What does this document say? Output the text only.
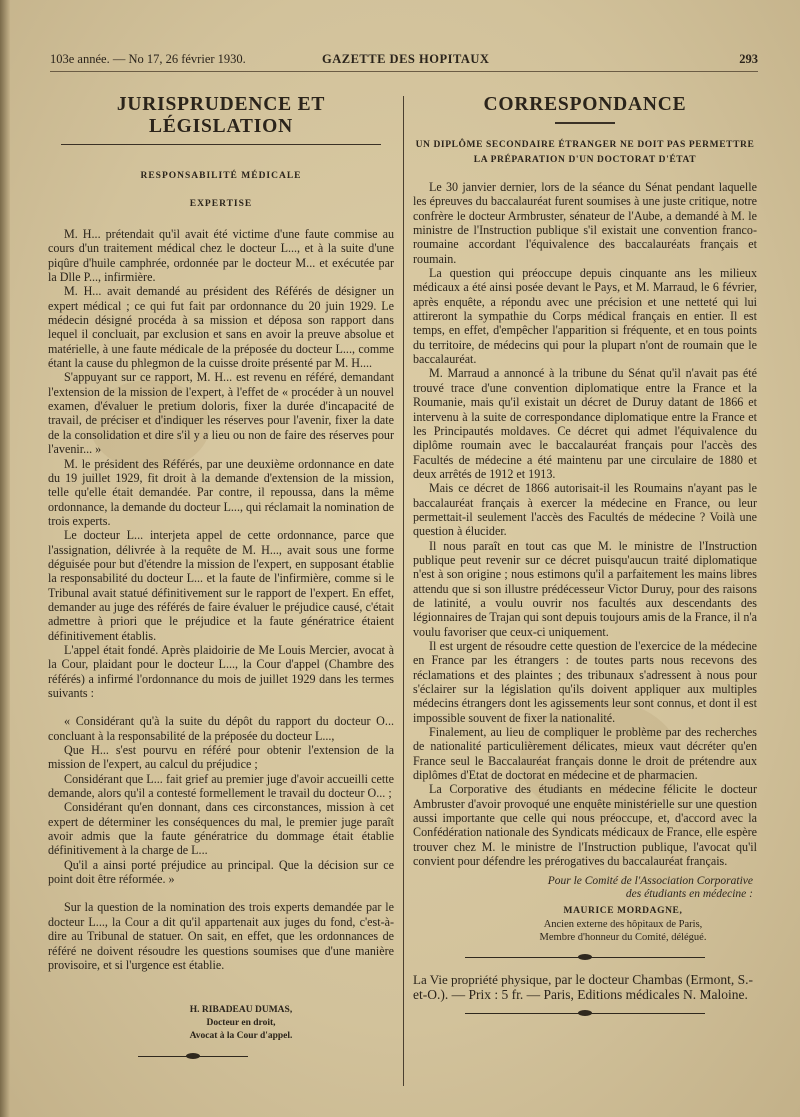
103e année. — No 17, 26 février 1930.	GAZETTE DES HOPITAUX	293
JURISPRUDENCE ET LÉGISLATION
RESPONSABILITÉ MÉDICALE
EXPERTISE

M. H... prétendait qu'il avait été victime d'une faute commise au cours d'un traitement médical chez le docteur L..., et à la suite d'une piqûre d'huile camphrée, ordonnée par le docteur M... et exécutée par la Dlle P..., infirmière.

M. H... avait demandé au président des Référés de désigner un expert médical ; ce qui fut fait par ordonnance du 20 juin 1929. Le médecin désigné procéda à sa mission et déposa son rapport dans lequel il concluait, par exclusion et sans en avoir la preuve absolue et matérielle, à une faute médicale de la préposée du docteur L..., comme étant la cause du phlegmon de la cuisse droite présenté par M. H....

S'appuyant sur ce rapport, M. H... est revenu en référé, demandant l'extension de la mission de l'expert, à l'effet de « procéder à un nouvel examen, d'évaluer le pretium doloris, fixer la durée d'incapacité de travail, de préciser et d'indiquer les réserves pour l'avenir, fixer la date de la consolidation et dire s'il y a lieu ou non de faire des réserves pour l'avenir... »

M. le président des Référés, par une deuxième ordonnance en date du 19 juillet 1929, fit droit à la demande d'extension de la mission, telle qu'elle était demandée. Par contre, il repoussa, dans la même ordonnance, la demande du docteur L..., qui réclamait la nomination de trois experts.

Le docteur L... interjeta appel de cette ordonnance, parce que l'assignation, délivrée à la requête de M. H..., avait sous une forme déguisée pour but d'étendre la mission de l'expert, en supposant établie la responsabilité du docteur L... et la faute de l'infirmière, comme si le Tribunal avait statué définitivement sur le rapport de l'expert. En effet, demander au juge des référés de faire évaluer le préjudice causé, c'était admettre à priori que le préjudice et la faute génératrice étaient définitivement établis.

L'appel était fondé. Après plaidoirie de Me Louis Mercier, avocat à la Cour, plaidant pour le docteur L..., la Cour d'appel (Chambre des référés) a infirmé l'ordonnance du mois de juillet 1929 dans les termes suivants :

« Considérant qu'à la suite du dépôt du rapport du docteur O... concluant à la responsabilité de la préposée du docteur L...,

Que H... s'est pourvu en référé pour obtenir l'extension de la mission de l'expert, au calcul du préjudice ;

Considérant que L... fait grief au premier juge d'avoir accueilli cette demande, alors qu'il a contesté formellement le travail du docteur O... ;

Considérant qu'en donnant, dans ces circonstances, mission à cet expert de déterminer les conséquences du mal, le premier juge paraît avoir admis que la faute génératrice du dommage était établie définitivement à la charge de L...

Qu'il a ainsi porté préjudice au principal. Que la décision sur ce point doit être réformée. »

Sur la question de la nomination des trois experts demandée par le docteur L..., la Cour a dit qu'il appartenait aux juges du fond, c'est-à-dire au Tribunal de statuer. On sait, en effet, que les ordonnances de référé ne doivent résoudre les questions soumises que d'une manière provisoire, et si l'urgence est établie.

H. RIBADEAU DUMAS,
Docteur en droit,
Avocat à la Cour d'appel.
CORRESPONDANCE
UN DIPLÔME SECONDAIRE ÉTRANGER NE DOIT PAS PERMETTRE LA PRÉPARATION D'UN DOCTORAT D'ÉTAT

Le 30 janvier dernier, lors de la séance du Sénat pendant laquelle les épreuves du baccalauréat furent soumises à une juste critique, notre confrère le docteur Armbruster, sénateur de l'Aube, a demandé à M. le ministre de l'Instruction publique s'il existait une convention franco-roumaine accordant l'équivalence des baccalauréats français et roumain.

La question qui préoccupe depuis cinquante ans les milieux médicaux a été ainsi posée devant le Pays, et M. Marraud, le 6 février, après enquête, a répondu avec une précision et une netteté qui lui attireront la sympathie du Corps médical français en entier. Il est temps, en effet, d'empêcher l'apparition si fréquente, et en tous points du territoire, de médecins qui pour la plupart n'ont de roumain que le baccalauréat.

M. Marraud a annoncé à la tribune du Sénat qu'il n'avait pas été trouvé trace d'une convention diplomatique entre la France et la Roumanie, mais qu'il existait un décret de Duruy datant de 1866 et intervenu à la suite de correspondance diplomatique entre la France et les Principautés moldaves. Ce décret qui admet l'équivalence du diplôme roumain avec le baccalauréat français pour l'accès des Facultés de médecine a été maintenu par une circulaire de 1880 et deux arrêtés de 1912 et 1913.

Mais ce décret de 1866 autorisait-il les Roumains n'ayant pas le baccalauréat français à exercer la médecine en France, ou leur permettait-il seulement l'accès des Facultés de médecine ? Voilà une question à élucider.

Il nous paraît en tout cas que M. le ministre de l'Instruction publique peut revenir sur ce décret puisqu'aucun traité diplomatique n'est à son origine ; nous estimons qu'il a parfaitement les mains libres attendu que si son illustre prédécesseur Victor Duruy, pour des raisons de latinité, a voulu ouvrir nos facultés aux descendants des légionnaires de Trajan qui sont depuis toujours amis de la France, il n'a voulu favoriser que ceux-ci uniquement.

Il est urgent de résoudre cette question de l'exercice de la médecine en France par les étrangers : de toutes parts nous recevons des réclamations et des plaintes ; des tribunaux s'adressent à nous pour s'éclairer sur la législation qu'ils doivent appliquer aux multiples médecins étrangers dont les agissements leur sont connus, et dont il est impossible souvent de fixer la nationalité.

Finalement, au lieu de compliquer le problème par des recherches de nationalité particulièrement délicates, mieux vaut décréter qu'en France seul le Baccalauréat français donne le droit de prétendre aux diplômes d'Etat de doctorat en médecine et de pharmacien.

La Corporative des étudiants en médecine félicite le docteur Ambruster d'avoir provoqué une enquête ministérielle sur une question aussi importante que celle qui nous préoccupe, et, d'accord avec la Confédération nationale des Syndicats médicaux de France, elle espère trouver chez M. le ministre de l'Instruction publique, l'avocat qu'il convient pour défendre les prérogatives du baccalauréat français.

Pour le Comité de l'Association Corporative
des étudiants en médecine :
MAURICE MORDAGNE,
Ancien externe des hôpitaux de Paris,
Membre d'honneur du Comité, délégué.
La Vie propriété physique, par le docteur Chambas (Ermont, S.-et-O.). — Prix : 5 fr. — Paris, Editions médicales N. Maloine.
